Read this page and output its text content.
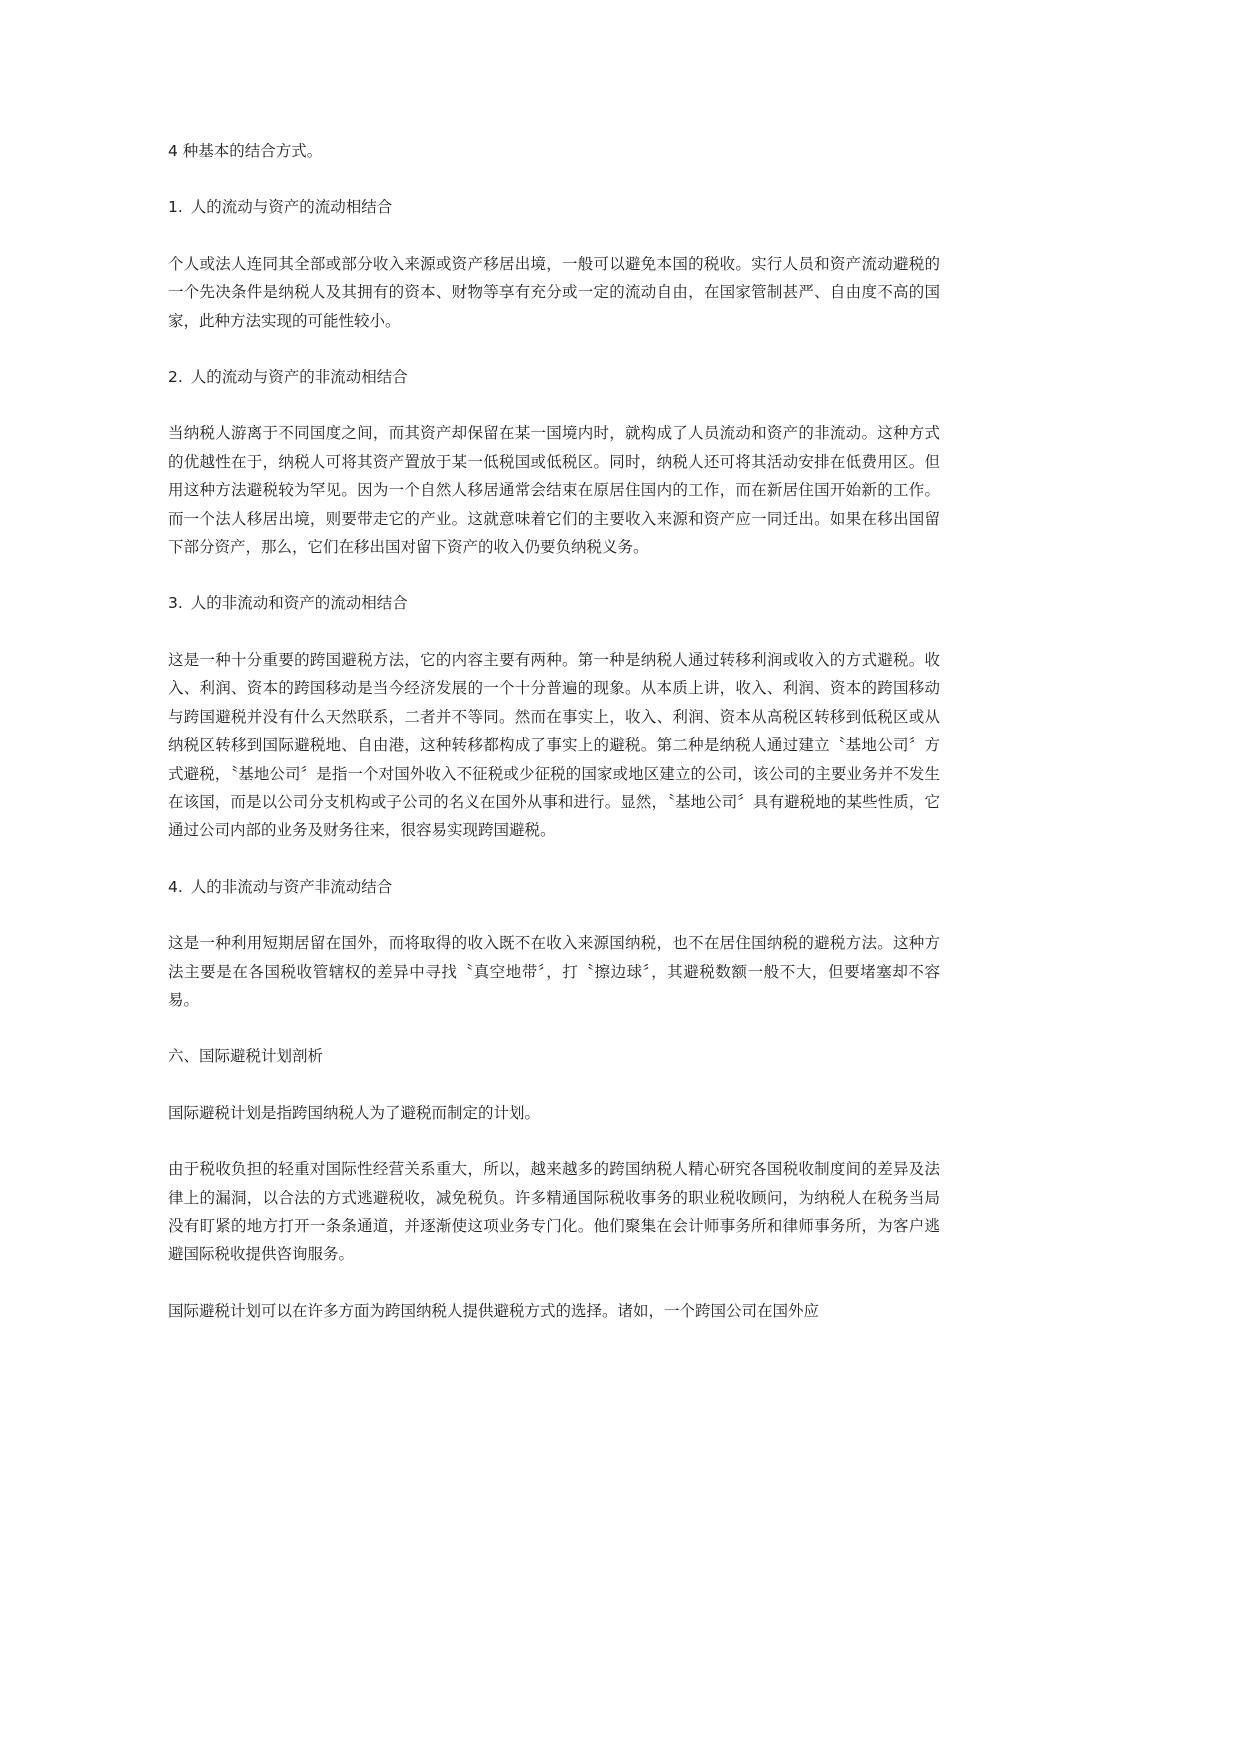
4 种基本的结合方式。

1. 人的流动与资产的流动相结合

个人或法人连同其全部或部分收入来源或资产移居出境，一般可以避免本国的税收。实行人员和资产流动避税的一个先决条件是纳税人及其拥有的资本、财物等享有充分或一定的流动自由，在国家管制甚严、自由度不高的国家，此种方法实现的可能性较小。

2. 人的流动与资产的非流动相结合

当纳税人游离于不同国度之间，而其资产却保留在某一国境内时，就构成了人员流动和资产的非流动。这种方式的优越性在于，纳税人可将其资产置放于某一低税国或低税区。同时，纳税人还可将其活动安排在低费用区。但用这种方法避税较为罕见。因为一个自然人移居通常会结束在原居住国内的工作，而在新居住国开始新的工作。而一个法人移居出境，则要带走它的产业。这就意味着它们的主要收入来源和资产应一同迁出。如果在移出国留下部分资产，那么，它们在移出国对留下资产的收入仍要负纳税义务。

3. 人的非流动和资产的流动相结合

这是一种十分重要的跨国避税方法，它的内容主要有两种。第一种是纳税人通过转移利润或收入的方式避税。收入、利润、资本的跨国移动是当今经济发展的一个十分普遍的现象。从本质上讲，收入、利润、资本的跨国移动与跨国避税并没有什么天然联系，二者并不等同。然而在事实上，收入、利润、资本从高税区转移到低税区或从纳税区转移到国际避税地、自由港，这种转移都构成了事实上的避税。第二种是纳税人通过建立〝基地公司〞方式避税，〝基地公司〞是指一个对国外收入不征税或少征税的国家或地区建立的公司，该公司的主要业务并不发生在该国，而是以公司分支机构或子公司的名义在国外从事和进行。显然，〝基地公司〞具有避税地的某些性质，它通过公司内部的业务及财务往来，很容易实现跨国避税。

4. 人的非流动与资产非流动结合

这是一种利用短期居留在国外，而将取得的收入既不在收入来源国纳税，也不在居住国纳税的避税方法。这种方法主要是在各国税收管辖权的差异中寻找〝真空地带〞，打〝擦边球〞，其避税数额一般不大，但要堵塞却不容易。

六、国际避税计划剖析

国际避税计划是指跨国纳税人为了避税而制定的计划。

由于税收负担的轻重对国际性经营关系重大，所以，越来越多的跨国纳税人精心研究各国税收制度间的差异及法律上的漏洞，以合法的方式逃避税收，减免税负。许多精通国际税收事务的职业税收顾问，为纳税人在税务当局没有盯紧的地方打开一条条通道，并逐渐使这项业务专门化。他们聚集在会计师事务所和律师事务所，为客户逃避国际税收提供咨询服务。

国际避税计划可以在许多方面为跨国纳税人提供避税方式的选择。诸如，一个跨国公司在国外应
